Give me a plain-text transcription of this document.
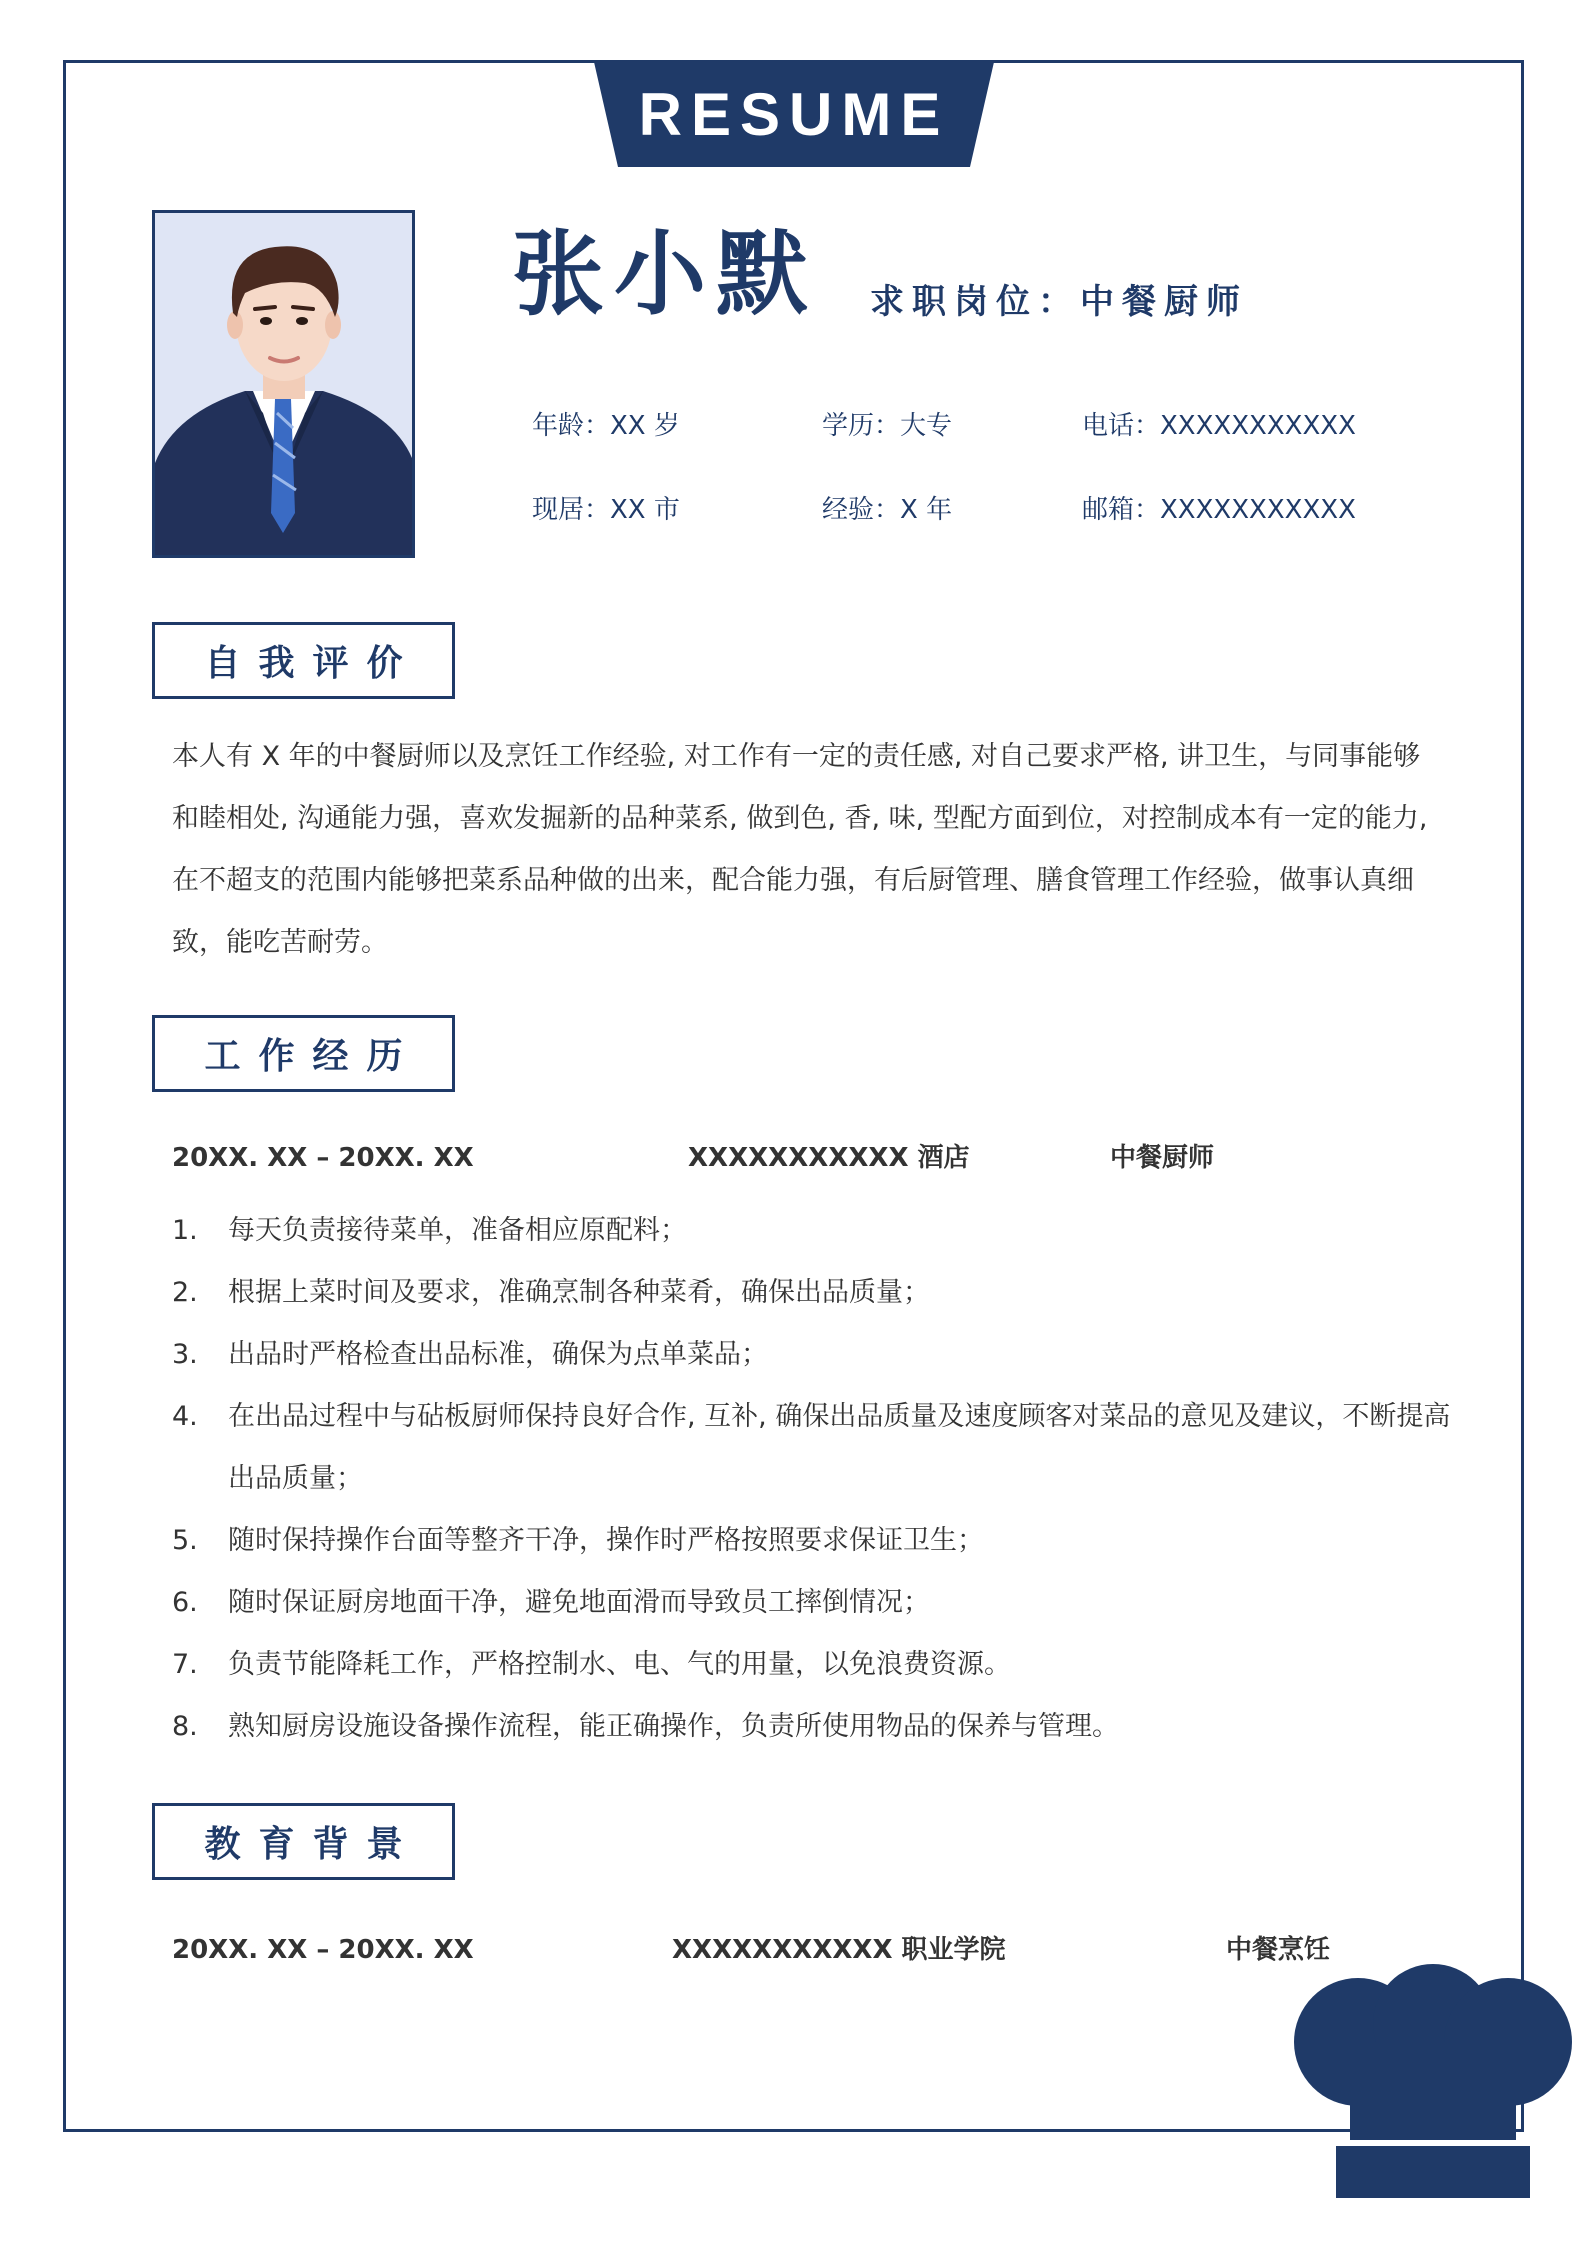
RESUME
张小默 求职岗位：中餐厨师
年龄：XX 岁	学历：大专	电话：XXXXXXXXXXX
现居：XX 市	经验：X 年	邮箱：XXXXXXXXXXX
自我评价

本人有 X 年的中餐厨师以及烹饪工作经验, 对工作有一定的责任感, 对自己要求严格, 讲卫生，与同事能够和睦相处, 沟通能力强，喜欢发掘新的品种菜系, 做到色, 香, 味, 型配方面到位，对控制成本有一定的能力, 在不超支的范围内能够把菜系品种做的出来，配合能力强，有后厨管理、膳食管理工作经验，做事认真细致，能吃苦耐劳。

工作经历
20XX. XX – 20XX. XX	XXXXXXXXXXX 酒店	中餐厨师
1.	每天负责接待菜单，准备相应原配料；
2.	根据上菜时间及要求，准确烹制各种菜肴，确保出品质量；
3.	出品时严格检查出品标准，确保为点单菜品；
4.	在出品过程中与砧板厨师保持良好合作, 互补, 确保出品质量及速度顾客对菜品的意见及建议，不断提高出品质量；
5.	随时保持操作台面等整齐干净，操作时严格按照要求保证卫生；
6.	随时保证厨房地面干净，避免地面滑而导致员工摔倒情况；
7.	负责节能降耗工作，严格控制水、电、气的用量，以免浪费资源。
8.	熟知厨房设施设备操作流程，能正确操作，负责所使用物品的保养与管理。
教育背景
20XX. XX – 20XX. XX	XXXXXXXXXXX 职业学院	中餐烹饪
